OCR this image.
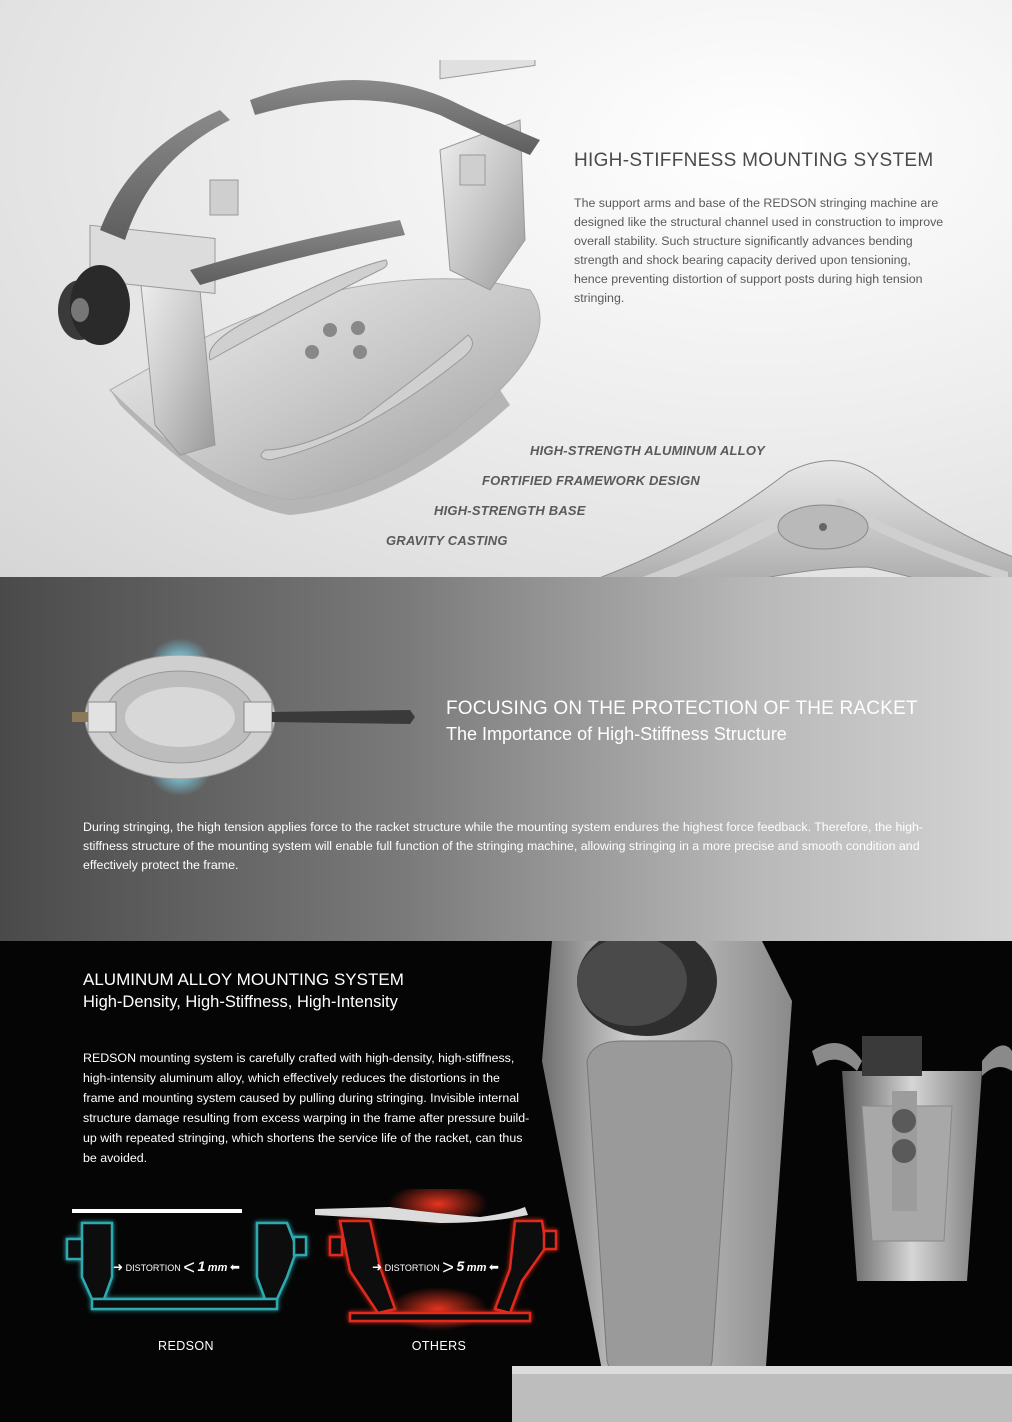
HIGH-STIFFNESS MOUNTING SYSTEM
The support arms and base of the REDSON stringing machine are designed like the structural channel used in construction to improve overall stability. Such structure significantly advances bending strength and shock bearing capacity derived upon tensioning, hence preventing distortion of support posts during high tension stringing.
HIGH-STRENGTH ALUMINUM ALLOY
FORTIFIED FRAMEWORK DESIGN
HIGH-STRENGTH BASE
GRAVITY CASTING
FOCUSING ON THE PROTECTION OF THE RACKET
The Importance of High-Stiffness Structure
During stringing, the high tension applies force to the racket structure while the mounting system endures the highest force feedback. Therefore, the high-stiffness structure of the mounting system will enable full function of the stringing machine, allowing stringing in a more precise and smooth condition and effectively protect the frame.
ALUMINUM ALLOY MOUNTING SYSTEM
High-Density, High-Stiffness, High-Intensity
REDSON mounting system is carefully crafted with high-density, high-stiffness, high-intensity aluminum alloy, which effectively reduces the distortions in the frame and mounting system caused by pulling during stringing. Invisible internal structure damage resulting from excess warping in the frame after pressure build-up with repeated stringing, which shortens the service life of the racket, can thus be avoided.
➜ DISTORTION < 1 mm ⬅
REDSON
➜ DISTORTION > 5 mm ⬅
OTHERS
